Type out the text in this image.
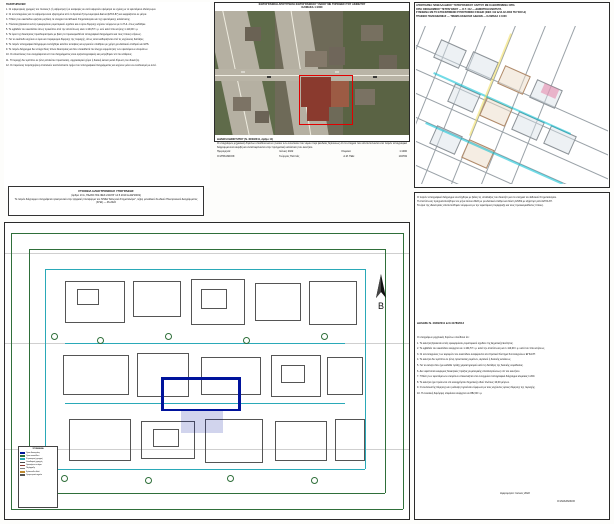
ΠΑΡΑΤΗΡΗΣΕΙΣ

1. Οι υψομετρικές γραμμές του πίνακος 1 (ή υψόμετρα) ή οι αναφορές σε αυτά αφορούν υψόμετρα σε σχέση με το υφιστάμενο οδόστρωμα.

2. Οι συντεταγμένες και τα υψόμετρα είναι εξαρτημένα από το Κρατικό Τριγωνομετρικό Δίκτυο (ΕΓΣΑ 87) και εκφράζονται σε μέτρα.

3. Η θέση του οικοπέδου ορίζεται με βάση τα στοιχεία του Εθνικού Κτηματολογίου και της υφιστάμενης κατάστασης.

4. Η έκταση βρίσκεται εντός εγκεκριμένου ρυμοτομικού σχεδίου και οι όροι δόμησης ισχύουν σύμφωνα με το Π.Δ. όπως εκδόθηκε.

5. Το εμβαδόν του οικοπέδου όπως προκύπτει από την αποτύπωση είναι 1.104,57 τ.μ. ενώ κατά τίτλο κτήσης 1.110,00 τ.μ.

6. Τα όρια της ιδιοκτησίας προσδιορίστηκαν με βάση τα προσκομισθέντα τοπογραφικά διαγράμματα και τους τίτλους κτήσεως.

7. Για το οικόπεδο ισχύουν οι όροι και περιορισμοί δόμησης της περιοχής, όπως αυτοί καθορίζονται από τις ισχύουσες διατάξεις.

8. Το παρόν τοπογραφικό διάγραμμα συντάχθηκε κατόπιν αυτοψίας και εργασιών υπαίθρου με χρήση γεωδαιτικού σταθμού και GPS.

9. Το παρόν διάγραμμα δεν επέχει θέση τίτλου ιδιοκτησίας και δεν υποκαθιστά τον έλεγχο νομιμότητας των υφιστάμενων κτισμάτων.

10. Οι αποστάσεις που αναγράφονται επί του διαγράμματος είναι οριζοντιογραφικές και μετρήθηκαν επί του εδάφους.

11. Η περιοχή δεν εμπίπτει σε ζώνη απολύτου προστασίας, αρχαιολογικό χώρο ή δασική έκταση κατά δήλωση του ιδιοκτήτη.

12. Οι παρούσες παρατηρήσεις αποτελούν αναπόσπαστο τμήμα του τοπογραφικού διαγράμματος και ισχύουν μόνο σε συνδυασμό με αυτό.

ΣΤΟΙΧΕΙΑ ΗΛΕΚΤΡΟΝΙΚΗΣ ΥΠΟΓΡΑΦΗΣ
(άρθρο 13 Α, ΠΔ/2017/02-ΦΕΚ 2218 Β' 14.5.2019 & ΔΔΠ2019)
Το παρόν διάγραμμα υπογράφεται ηλεκτρονικά στην ψηφιακή πλατφόρμα του ΝΠΔΔ "Ελληνικό Κτηματολόγιο", λήψη μοναδικού Κωδικού Ηλεκτρονικού Διαγράμματος (ΚΗΔ) — 46-2022
ΦΩΤΟΓΡΑΦΙΚΗ ΑΠΟΤΥΠΩΣΗ ΦΩΤΟΓΡΑΦΙΚΟΥ ΥΛΙΚΟΥ ΜΕ ΤΟΠΟΘΕΣΙ ΤΟΥ ΑΚΙΝΗΤΟΥ
ΚΛΙΜΑΚΑ 1:1000
ΔΗΛΩΣΗ ΙΔΙΟΚΤΗΤΟΥ (Ν. 4030/2011, άρθρο 11)
Ο υπογράφων μηχανικός δηλώνω υπεύθυνα και εν γνώσει των συνεπειών του νόμου περί ψευδούς δηλώσεως ότι τα στοιχεία που αποτυπώνονται στο παρόν τοπογραφικό διάγραμμα είναι ακριβή και ανταποκρίνονται στην πραγματική κατάσταση του ακινήτου.
Ημερομηνία:	Ιούνιος 2022	Κλίμακα:	1:1000
Ο ΜΗΧΑΝΙΚΟΣ:	Γεώργιος Παππάς	Α.Μ. ΤΕΕ:	104782
ΑΠΟΣΠΑΣΜΑ ΠΑΝΕΛΛΑΔΙΚΟΥ ΤΟΠΟΓΡΑΦΙΚΟΥ ΧΑΡΤΟΥ ΜΕ ΚΑΘΟΡΙΣΜΕΝΑ ΟΡΙΑ
ΟΡΙΑ ΟΙΚΟΔΟΜΙΚΟΥ ΤΕΤΡΑΓΩΝΟΥ — Ο.Τ. 412 — ΔΗΜΟΤΙΚΗ ΕΝΟΤΗΤΑ
ΣΥΜΦΩΝΑ ΜΕ ΤΟ ΕΓΚΕΚΡΙΜΕΝΟ ΡΥΜΟΤΟΜΙΚΟ ΣΧΕΔΙΟ (ΦΕΚ 412 Δ/14-02-2002 ΤΕΥΧΟΣ Δ)
ΓΡΑΦΕΙΟ ΠΟΛΕΟΔΟΜΙΑΣ — ΤΜΗΜΑ ΕΚΔΟΣΗΣ ΑΔΕΙΩΝ — ΚΛΙΜΑΚΑ 1:1000
Β
ΥΠΟΜΝΗΜΑ
Όριο ιδιοκτησίας
Όριο οικοπέδου
Ρυμοτομική γραμμή
Οικοδομική γραμμή
Υφιστάμενο κτίσμα
Περίφραξη
Κράσπεδο οδού
Υψομετρικό σημείο
Ο παρόν τοπογραφικό διάγραμμα συντάχθηκε με βάση τις υποδείξεις του ιδιοκτήτη και τα στοιχεία του Εθνικού Κτηματολογίου.
Η αποτύπωση πραγματοποιήθηκε τον μήνα Ιούνιο 2022 με γεωδαιτικό σταθμό και δέκτη GNSS με εξάρτηση από ΕΓΣΑ 87.
Τα όρια της ιδιοκτησίας αποτυπώθηκαν σύμφωνα με την υφιστάμενη περίφραξη και τους προσκομισθέντες τίτλους.
ΔΗΛΩΣΗ Ν. 4030/2011 & Ν.4178/2013

Ο υπογράφων μηχανικός δηλώνω υπεύθυνα ότι:

1. Το ακίνητο βρίσκεται εντός εγκεκριμένου ρυμοτομικού σχεδίου της Δημοτικής Ενότητας.

2. Το εμβαδόν του οικοπέδου ανέρχεται σε 1.104,57 τ.μ. κατά την αποτύπωση και 1.110,00 τ.μ. κατά τον τίτλο κτήσεως.

3. Οι συντεταγμένες των κορυφών του οικοπέδου αναφέρονται στο Κρατικό Σύστημα Συντεταγμένων ΕΓΣΑ 87.

4. Το ακίνητο δεν εμπίπτει σε ζώνη προστασίας ρεμάτων, αιγιαλού ή δασικής εκτάσεως.

5. Για το ακίνητο δεν έχει εκδοθεί πράξη χαρακτηρισμού κατά τις διατάξεις της δασικής νομοθεσίας.

6. Δεν υφίστανται εκκρεμείς διοικητικές πράξεις ρυμοτομικής απαλλοτριώσεως επί του ακινήτου.

7. Η θέση των υφιστάμενων κτισμάτων απεικονίζεται στο συνημμένο τοπογραφικό διάγραμμα κλίμακας 1:200.

8. Το ακίνητο έχει πρόσωπο επί κοινοχρήστου δημοτικής οδού πλάτους 10,00 μέτρων.

9. Ο συντελεστής δόμησης και η κάλυψη τηρούνται σύμφωνα με τους ισχύοντες όρους δόμησης της περιοχής.

10. Η συνολική δομήσιμη επιφάνεια ανέρχεται σε 882,00 τ.μ.

Ημερομηνία: Ιούνιος 2022
Ο ΜΗΧΑΝΙΚΟΣ
